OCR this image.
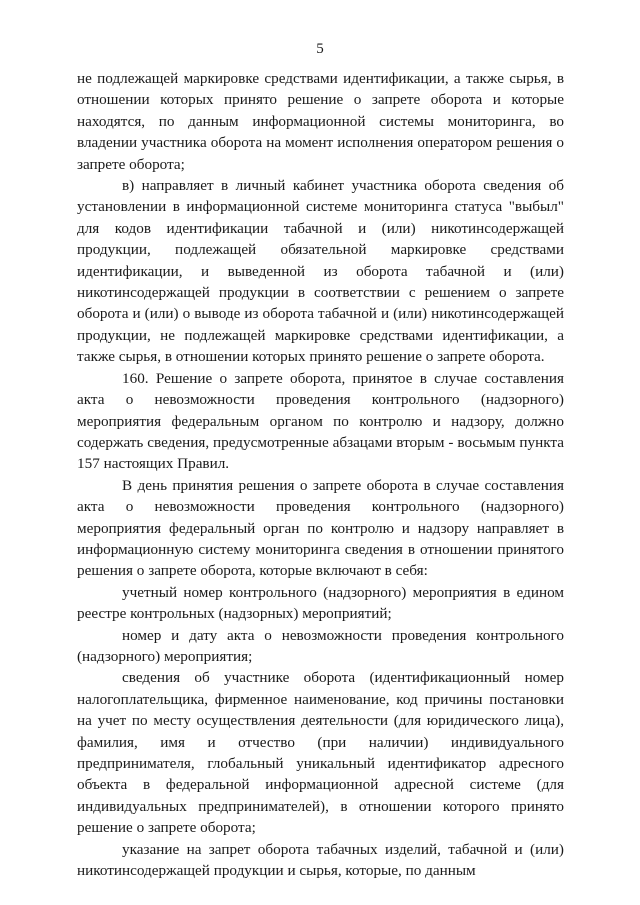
5

не подлежащей маркировке средствами идентификации, а также сырья, в отношении которых принято решение о запрете оборота и которые находятся, по данным информационной системы мониторинга, во владении участника оборота на момент исполнения оператором решения о запрете оборота;

в) направляет в личный кабинет участника оборота сведения об установлении в информационной системе мониторинга статуса "выбыл" для кодов идентификации табачной и (или) никотинсодержащей продукции, подлежащей обязательной маркировке средствами идентификации, и выведенной из оборота табачной и (или) никотинсодержащей продукции в соответствии с решением о запрете оборота и (или) о выводе из оборота табачной и (или) никотинсодержащей продукции, не подлежащей маркировке средствами идентификации, а также сырья, в отношении которых принято решение о запрете оборота.

160. Решение о запрете оборота, принятое в случае составления акта о невозможности проведения контрольного (надзорного) мероприятия федеральным органом по контролю и надзору, должно содержать сведения, предусмотренные абзацами вторым - восьмым пункта 157 настоящих Правил.

В день принятия решения о запрете оборота в случае составления акта о невозможности проведения контрольного (надзорного) мероприятия федеральный орган по контролю и надзору направляет в информационную систему мониторинга сведения в отношении принятого решения о запрете оборота, которые включают в себя:

учетный номер контрольного (надзорного) мероприятия в едином реестре контрольных (надзорных) мероприятий;

номер и дату акта о невозможности проведения контрольного (надзорного) мероприятия;

сведения об участнике оборота (идентификационный номер налогоплательщика, фирменное наименование, код причины постановки на учет по месту осуществления деятельности (для юридического лица), фамилия, имя и отчество (при наличии) индивидуального предпринимателя, глобальный уникальный идентификатор адресного объекта в федеральной информационной адресной системе (для индивидуальных предпринимателей), в отношении которого принято решение о запрете оборота;

указание на запрет оборота табачных изделий, табачной и (или) никотинсодержащей продукции и сырья, которые, по данным
